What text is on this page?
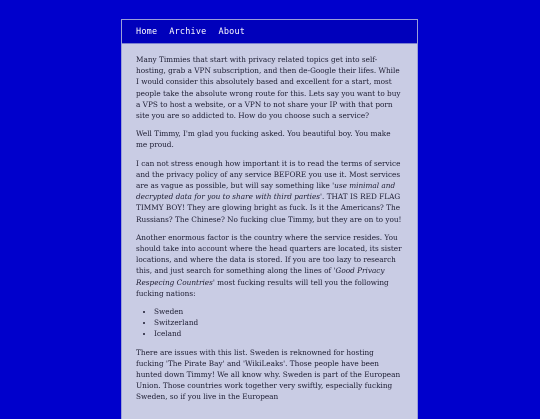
Home Archive About

Many Timmies that start with privacy related topics get into self-hosting, grab a VPN subscription, and then de-Google their lifes. While I would consider this absolutely based and excellent for a start, most people take the absolute wrong route for this. Lets say you want to buy a VPS to host a website, or a VPN to not share your IP with that porn site you are so addicted to. How do you choose such a service?

Well Timmy, I'm glad you fucking asked. You beautiful boy. You make me proud.

I can not stress enough how important it is to read the terms of service and the privacy policy of any service BEFORE you use it. Most services are as vague as possible, but will say something like 'use minimal and decrypted data for you to share with third parties'. THAT IS RED FLAG TIMMY BOY! They are glowing bright as fuck. Is it the Americans? The Russians? The Chinese? No fucking clue Timmy, but they are on to you!

Another enormous factor is the country where the service resides. You should take into account where the head quarters are located, its sister locations, and where the data is stored. If you are too lazy to research this, and just search for something along the lines of 'Good Privacy Respecing Countries' most fucking results will tell you the following fucking nations:

• Sweden
• Switzerland
• Iceland

There are issues with this list. Sweden is reknowned for hosting fucking 'The Pirate Bay' and 'WikiLeaks'. Those people have been hunted down Timmy! We all know why. Sweden is part of the European Union. Those countries work together very swiftly, especially fucking Sweden, so if you live in the European
